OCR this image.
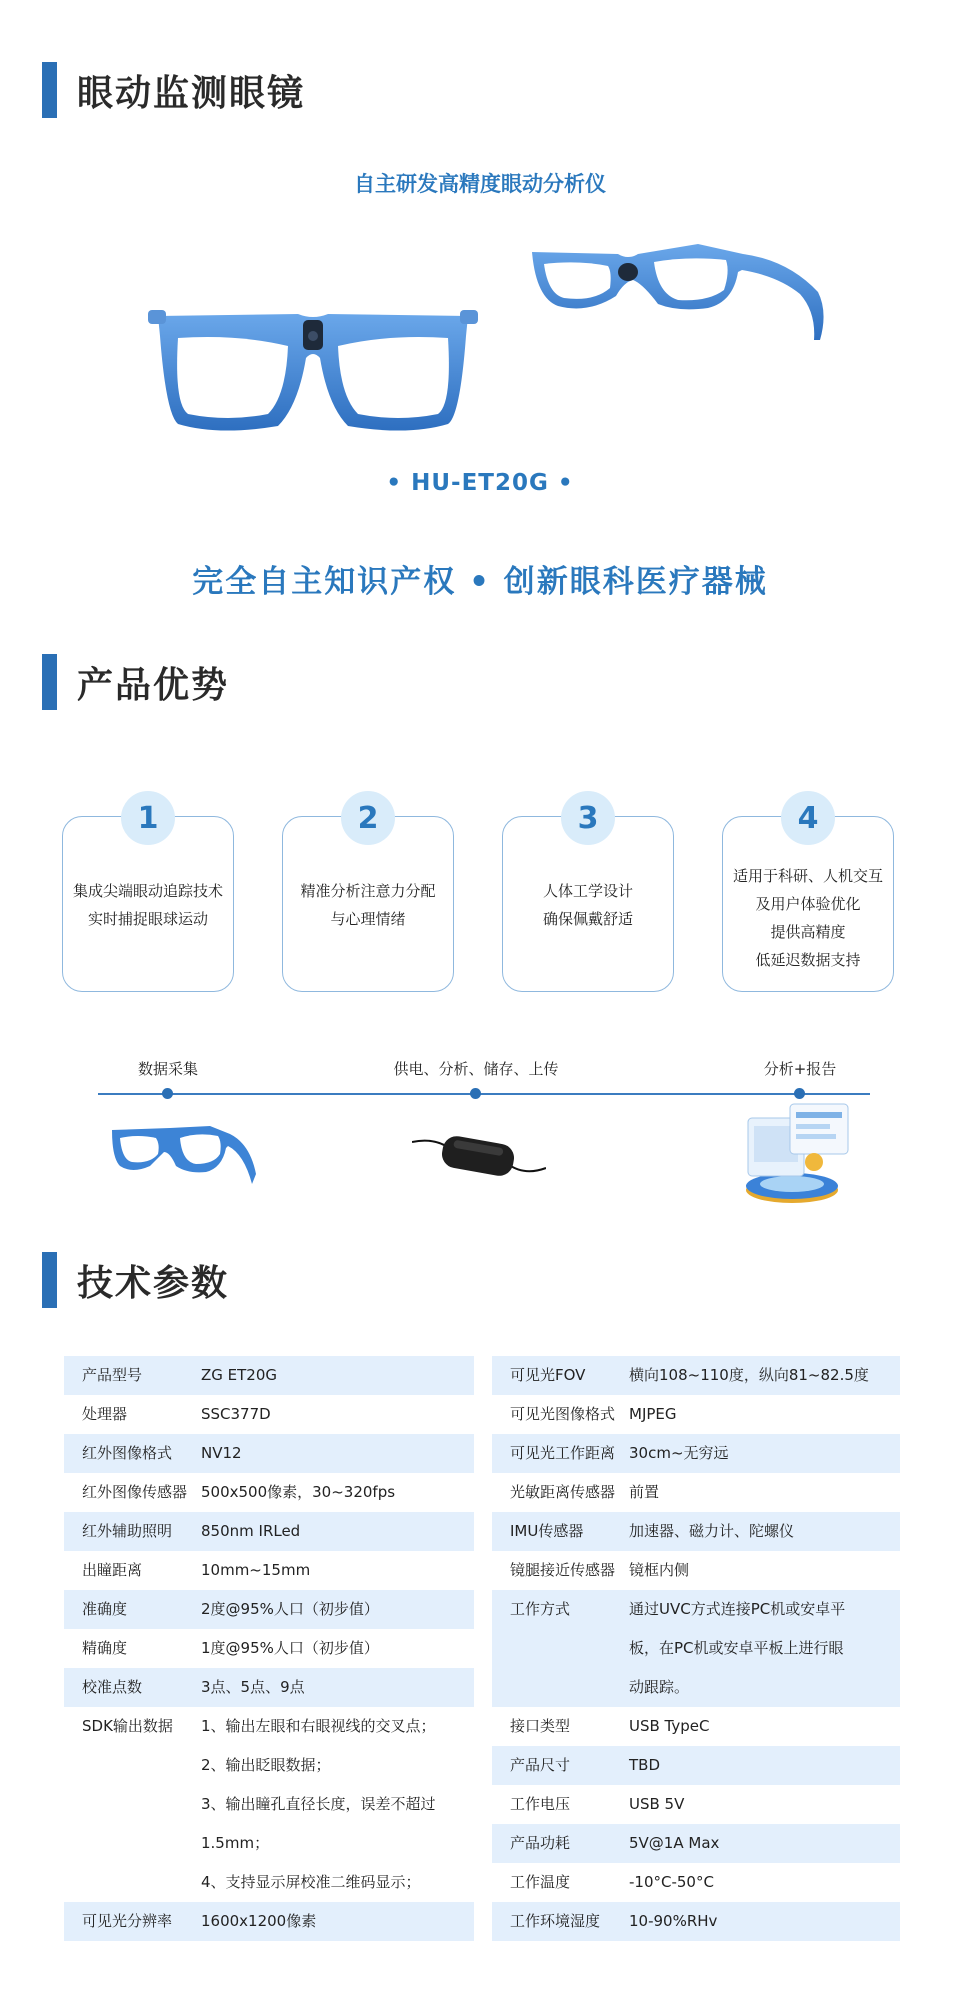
眼动监测眼镜
自主研发高精度眼动分析仪
• HU-ET20G •
完全自主知识产权 • 创新眼科医疗器械
产品优势
1
集成尖端眼动追踪技术
实时捕捉眼球运动
2
精准分析注意力分配
与心理情绪
3
人体工学设计
确保佩戴舒适
4
适用于科研、人机交互
及用户体验优化
提供高精度
低延迟数据支持
数据采集	供电、分析、储存、上传	分析+报告
技术参数
产品型号	ZG ET20G
处理器	SSC377D
红外图像格式	NV12
红外图像传感器 500x500像素，30~320fps
红外辅助照明	850nm IRLed
出瞳距离	10mm~15mm
准确度	2度@95%人口（初步值）
精确度	1度@95%人口（初步值）
校准点数	3点、5点、9点
SDK输出数据	1、输出左眼和右眼视线的交叉点；
2、输出眨眼数据；
3、输出瞳孔直径长度，误差不超过
1.5mm；
4、支持显示屏校准二维码显示；
可见光分辨率	1600x1200像素
可见光FOV	横向108~110度，纵向81~82.5度
可见光图像格式 MJPEG
可见光工作距离 30cm~无穷远
光敏距离传感器 前置
IMU传感器	加速器、磁力计、陀螺仪
镜腿接近传感器 镜框内侧
工作方式	通过UVC方式连接PC机或安卓平
板，在PC机或安卓平板上进行眼
动跟踪。
接口类型	USB TypeC
产品尺寸	TBD
工作电压	USB 5V
产品功耗	5V@1A Max
工作温度	-10°C-50°C
工作环境湿度	10-90%RHv
